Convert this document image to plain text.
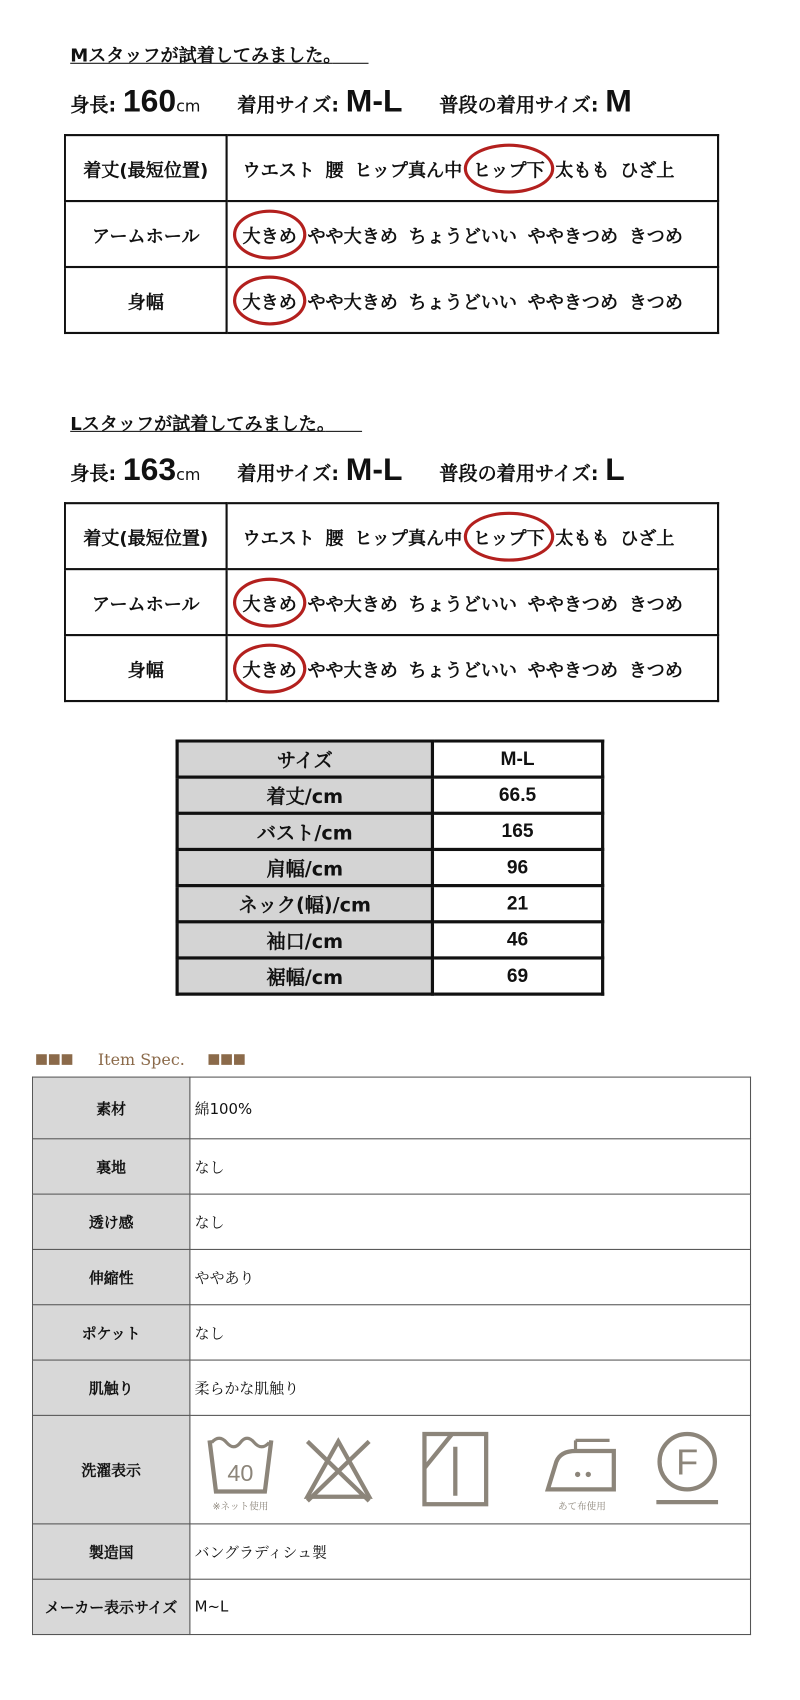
Mスタッフが試着してみました。
身長: 160cm 着用サイズ: M-L 普段の着用サイズ: M
着丈(最短位置)	ウエスト 腰 ヒップ真ん中 ヒップ下 太もも ひざ上
アームホール	大きめ やや大きめ ちょうどいい ややきつめ きつめ
身幅	大きめ やや大きめ ちょうどいい ややきつめ きつめ
Lスタッフが試着してみました。
身長: 163cm 着用サイズ: M-L 普段の着用サイズ: L
着丈(最短位置)	ウエスト 腰 ヒップ真ん中 ヒップ下 太もも ひざ上
アームホール	大きめ やや大きめ ちょうどいい ややきつめ きつめ
身幅	大きめ やや大きめ ちょうどいい ややきつめ きつめ
サイズ	M-L
着丈/cm	66.5
バスト/cm	165
肩幅/cm	96
ネック(幅)/cm	21
袖口/cm	46
裾幅/cm	69
Item Spec.
素材	綿100%
裏地	なし
透け感	なし
伸縮性	ややあり
ポケット	なし
肌触り	柔らかな肌触り
洗濯表示	40
※ネット使用 あて布使用
F

製造国	バングラディシュ製
メーカー表示サイズ	M~L
